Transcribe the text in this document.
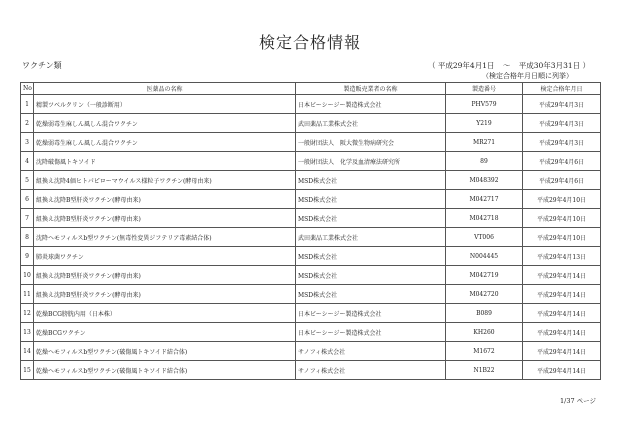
検定合格情報
ワクチン類	（ 平成29年4月1日 〜 平成30年3月31日 ）
（検定合格年月日順に列挙）
No	医薬品の名称	製造販売業者の名称	製造番号	検定合格年月日
1	精製ツベルクリン（一般診断用）	日本ビーシージー製造株式会社	PHV579	平成29年4月3日
2	乾燥弱毒生麻しん風しん混合ワクチン	武田薬品工業株式会社	Y219	平成29年4月3日
3	乾燥弱毒生麻しん風しん混合ワクチン	一般財団法人　阪大微生物病研究会	MR271	平成29年4月3日
4	沈降破傷風トキソイド	一般財団法人　化学及血清療法研究所	89	平成29年4月6日
5	組換え沈降4価ヒトパピローマウイルス様粒子ワクチン(酵母由来)	MSD株式会社	M048392	平成29年4月6日
6	組換え沈降B型肝炎ワクチン(酵母由来)	MSD株式会社	M042717	平成29年4月10日
7	組換え沈降B型肝炎ワクチン(酵母由来)	MSD株式会社	M042718	平成29年4月10日
8	沈降ヘモフィルスb型ワクチン(無毒性変異ジフテリア毒素結合体)	武田薬品工業株式会社	VT006	平成29年4月10日
9	肺炎球菌ワクチン	MSD株式会社	N004445	平成29年4月13日
10	組換え沈降B型肝炎ワクチン(酵母由来)	MSD株式会社	M042719	平成29年4月14日
11	組換え沈降B型肝炎ワクチン(酵母由来)	MSD株式会社	M042720	平成29年4月14日
12	乾燥BCG膀胱内用（日本株）	日本ビーシージー製造株式会社	B089	平成29年4月14日
13	乾燥BCGワクチン	日本ビーシージー製造株式会社	KH260	平成29年4月14日
14	乾燥ヘモフィルスb型ワクチン(破傷風トキソイド結合体)	サノフィ株式会社	M1672	平成29年4月14日
15	乾燥ヘモフィルスb型ワクチン(破傷風トキソイド結合体)	サノフィ株式会社	N1B22	平成29年4月14日
1/37 ページ
